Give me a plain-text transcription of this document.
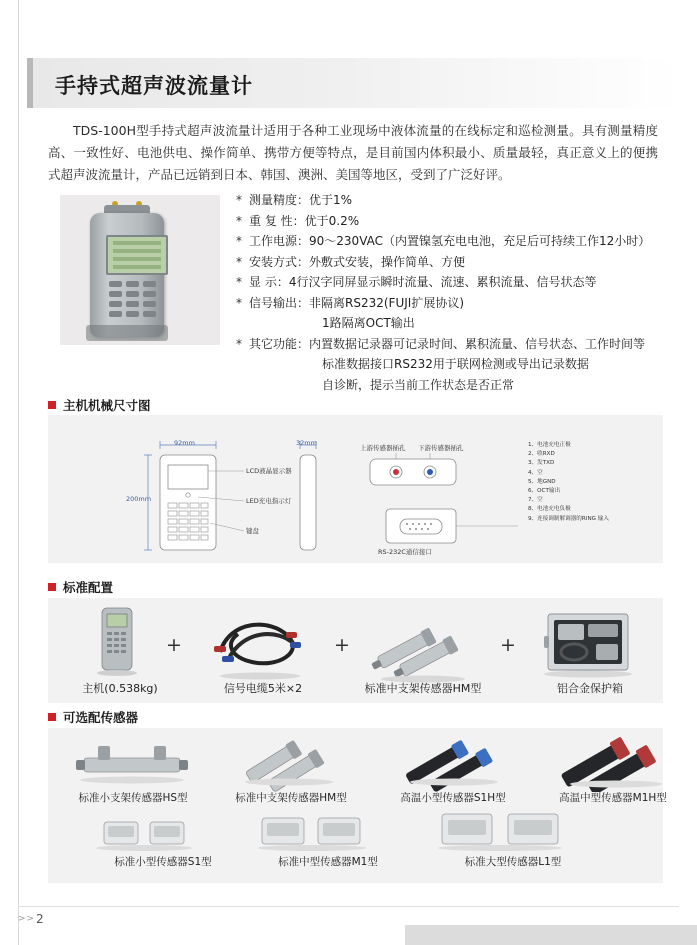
手持式超声波流量计
TDS-100H型手持式超声波流量计适用于各种工业现场中液体流量的在线标定和巡检测量。具有测量精度高、一致性好、电池供电、操作简单、携带方便等特点，是目前国内体积最小、质量最轻，真正意义上的便携式超声波流量计，产品已远销到日本、韩国、澳洲、美国等地区，受到了广泛好评。
* 测量精度： 优于1%
* 重 复 性： 优于0.2%
* 工作电源： 90～230VAC（内置镍氢充电电池，充足后可持续工作12小时）
* 安装方式： 外敷式安装，操作简单、方便
* 显 示： 4行汉字同屏显示瞬时流量、流速、累积流量、信号状态等
* 信号输出： 非隔离RS232(FUJI扩展协议)
1路隔离OCT输出
* 其它功能： 内置数据记录器可记录时间、累积流量、信号状态、工作时间等
标准数据接口RS232用于联网检测或导出记录数据
自诊断，提示当前工作状态是否正常
主机机械尺寸图
92mm
200mm
32mm
LCD液晶显示器
LED充电指示灯
键盘
上游传感器插孔 下游传感器插孔
RS-232C通信接口
1、电池充电正极
2、收RXD
3、发TXD
4、空
5、地GND
6、OCT输出
7、空
8、电池充电负极
9、连接调制解调器的RING 输入
标准配置
+	+	+
主机(0.538kg)	信号电缆5米×2	标准中支架传感器HM型	铝合金保护箱
可选配传感器
标准小支架传感器HS型	标准中支架传感器HM型	高温小型传感器S1H型	高温中型传感器M1H型
标准小型传感器S1型	标准中型传感器M1型	标准大型传感器L1型
>> 2
